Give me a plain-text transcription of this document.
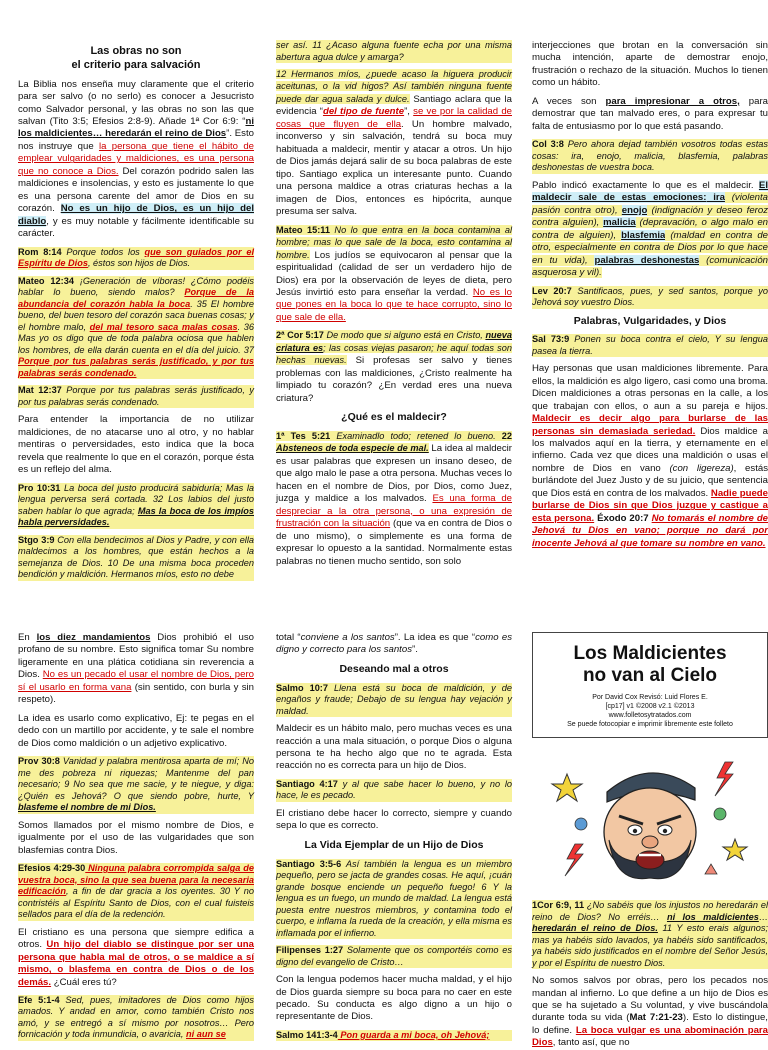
Las obras no son
el criterio para salvación

La Biblia nos enseña muy claramente que el criterio para ser salvo (o no serlo) es conocer a Jesucristo como Salvador personal, y las obras no son las que salvan (Tito 3:5; Efesios 2:8-9). Añade 1ª Cor 6:9: “ni los maldicientes… heredarán el reino de Dios”. Esto nos instruye que la persona que tiene el hábito de emplear vulgaridades y maldiciones, es una persona que no conoce a Dios. Del corazón podrido salen las maldiciones e insolencias, y esto es justamente lo que es una persona carente del amor de Dios en su corazón. No es un hijo de Dios, es un hijo del diablo, y es muy notable y fácilmente identificable su carácter.

Rom 8:14 Porque todos los que son guiados por el Espíritu de Dios, éstos son hijos de Dios.

Mateo 12:34 ¡Generación de víboras! ¿Cómo podéis hablar lo bueno, siendo malos? Porque de la abundancia del corazón habla la boca. 35 El hombre bueno, del buen tesoro del corazón saca buenas cosas; y el hombre malo, del mal tesoro saca malas cosas. 36 Mas yo os digo que de toda palabra ociosa que hablen los hombres, de ella darán cuenta en el día del juicio. 37 Porque por tus palabras serás justificado, y por tus palabras serás condenado.

Mat 12:37 Porque por tus palabras serás justificado, y por tus palabras serás condenado.

Para entender la importancia de no utilizar maldiciones, de no atacarse uno al otro, y no hablar mentiras o perversidades, esto indica que la boca revela que realmente lo que en el corazón, porque ésta es un reflejo del alma.

Pro 10:31 La boca del justo producirá sabiduría; Mas la lengua perversa será cortada. 32 Los labios del justo saben hablar lo que agrada; Mas la boca de los impíos habla perversidades.

Stgo 3:9 Con ella bendecimos al Dios y Padre, y con ella maldecimos a los hombres, que están hechos a la semejanza de Dios. 10 De una misma boca proceden bendición y maldición. Hermanos míos, esto no debe

ser así. 11 ¿Acaso alguna fuente echa por una misma abertura agua dulce y amarga?

12 Hermanos míos, ¿puede acaso la higuera producir aceitunas, o la vid higos? Así también ninguna fuente puede dar agua salada y dulce. Santiago aclara que la evidencia “del tipo de fuente”, se ve por la calidad de cosas que fluyen de ella. Un hombre malvado, inconverso y sin salvación, tendrá su boca muy habituada a maldecir, mentir y atacar a otros. Un hijo de Dios jamás dejará salir de su boca palabras de este tipo. Santiago explica un interesante punto. Cuando una persona maldice a otras criaturas hechas a la imagen de Dios, entonces es hipócrita, aunque presuma ser salva.

Mateo 15:11 No lo que entra en la boca contamina al hombre; mas lo que sale de la boca, esto contamina al hombre. Los judíos se equivocaron al pensar que la espiritualidad (calidad de ser un verdadero hijo de Dios) era por la observación de leyes de dieta, pero Jesús invirtió esto para enseñar la verdad. No es lo que pones en la boca lo que te hace corrupto, sino lo que sale de ella.

2ª Cor 5:17 De modo que si alguno está en Cristo, nueva criatura es; las cosas viejas pasaron; he aquí todas son hechas nuevas. Si profesas ser salvo y tienes problemas con las maldiciones, ¿Cristo realmente ha limpiado tu corazón? ¿En verdad eres una nueva criatura?

¿Qué es el maldecir?

1ª Tes 5:21 Examinadlo todo; retened lo bueno. 22 Absteneos de toda especie de mal. La idea al maldecir es usar palabras que expresen un insano deseo, de que algo malo le pase a otra persona. Muchas veces lo hacen en el nombre de Dios, por Dios, como Juez, juzga y maldice a los malvados. Es una forma de despreciar a la otra persona, o una expresión de frustración con la situación (que va en contra de Dios o de uno mismo), o simplemente es una forma de expresar lo opuesto a la santidad. Normalmente estas palabras no tienen mucho sentido, son solo

interjecciones que brotan en la conversación sin mucha intención, aparte de demostrar enojo, frustración o rechazo de la situación. Muchos lo tienen como un hábito.

A veces son para impresionar a otros, para demostrar que tan malvado eres, o para expresar tu falta de entusiasmo por lo que está pasando.

Col 3:8 Pero ahora dejad también vosotros todas estas cosas: ira, enojo, malicia, blasfemia, palabras deshonestas de vuestra boca.

Pablo indicó exactamente lo que es el maldecir. El maldecir sale de estas emociones: ira (violenta pasión contra otro), enojo (indignación y deseo feroz contra alguien), malicia (depravación, o algo malo en contra de alguien), blasfemia (maldad en contra de otro, especialmente en contra de Dios por lo que hace en tu vida), palabras deshonestas (comunicación asquerosa y vil).

Lev 20:7 Santificaos, pues, y sed santos, porque yo Jehová soy vuestro Dios.

Palabras, Vulgaridades, y Dios

Sal 73:9 Ponen su boca contra el cielo, Y su lengua pasea la tierra.

Hay personas que usan maldiciones libremente. Para ellos, la maldición es algo ligero, casi como una broma. Dicen maldiciones a otras personas en la calle, a los que trabajan con ellos, o aun a su pareja e hijos. Maldecir es decir algo para burlarse de las personas sin demasiada seriedad. Dios maldice a los malvados aquí en la tierra, y eternamente en el infierno. Cada vez que dices una maldición o usas el nombre de Dios en vano (con ligereza), estás burlándote del Juez Justo y de su juicio, que sentencia que Dios está en contra de los malvados. Nadie puede burlarse de Dios sin que Dios juzgue y castigue a esta persona. Éxodo 20:7 No tomarás el nombre de Jehová tu Dios en vano; porque no dará por inocente Jehová al que tomare su nombre en vano.

En los diez mandamientos Dios prohibió el uso profano de su nombre. Esto significa tomar Su nombre ligeramente en una plática cotidiana sin reverencia a Dios. No es un pecado el usar el nombre de Dios, pero sí el usarlo en forma vana (sin sentido, con burla y sin respeto).

La idea es usarlo como explicativo, Ej: te pegas en el dedo con un martillo por accidente, y te sale el nombre de Dios como maldición o un adjetivo explicativo.

Prov 30:8 Vanidad y palabra mentirosa aparta de mí; No me des pobreza ni riquezas; Mantenme del pan necesario; 9 No sea que me sacie, y te niegue, y diga: ¿Quién es Jehová? O que siendo pobre, hurte, Y blasfeme el nombre de mi Dios.

Somos llamados por el mismo nombre de Dios, e igualmente por el uso de las vulgaridades que son blasfemias contra Dios.

Efesios 4:29-30 Ninguna palabra corrompida salga de vuestra boca, sino la que sea buena para la necesaria edificación, a fin de dar gracia a los oyentes. 30 Y no contristéis al Espíritu Santo de Dios, con el cual fuisteis sellados para el día de la redención.

El cristiano es una persona que siempre edifica a otros. Un hijo del diablo se distingue por ser una persona que habla mal de otros, o se maldice a sí mismo, o blasfema en contra de Dios o de los demás. ¿Cuál eres tú?

Efe 5:1-4 Sed, pues, imitadores de Dios como hijos amados. Y andad en amor, como también Cristo nos amó, y se entregó a sí mismo por nosotros… Pero fornicación y toda inmundicia, o avaricia, ni aun se

total “conviene a los santos”. La idea es que “como es digno y correcto para los santos”.

Deseando mal a otros

Salmo 10:7 Llena está su boca de maldición, y de engaños y fraude; Debajo de su lengua hay vejación y maldad.

Maldecir es un hábito malo, pero muchas veces es una reacción a una mala situación, o porque Dios o alguna persona te ha hecho algo que no te agrada. Esta reacción no es correcta para un hijo de Dios.

Santiago 4:17 y al que sabe hacer lo bueno, y no lo hace, le es pecado.

El cristiano debe hacer lo correcto, siempre y cuando sepa lo que es correcto.

La Vida Ejemplar de un Hijo de Dios

Santiago 3:5-6 Así también la lengua es un miembro pequeño, pero se jacta de grandes cosas. He aquí, ¡cuán grande bosque enciende un pequeño fuego! 6 Y la lengua es un fuego, un mundo de maldad. La lengua está puesta entre nuestros miembros, y contamina todo el cuerpo, e inflama la rueda de la creación, y ella misma es inflamada por el infierno.

Filipenses 1:27 Solamente que os comportéis como es digno del evangelio de Cristo…

Con la lengua podemos hacer mucha maldad, y el hijo de Dios guarda siempre su boca para no caer en este pecado. Su conducta es algo digno a un hijo o representante de Dios.

Salmo 141:3-4 Pon guarda a mi boca, oh Jehová;

Los Maldicientes
no van al Cielo
Por David Cox Revisó: Luid Flores E.
[cp17] v1 ©2008 v2.1 ©2013
www.folletosytratados.com
Se puede fotocopiar e imprimir libremente este folleto

1Cor 6:9, 11 ¿No sabéis que los injustos no heredarán el reino de Dios? No erréis… ni los maldicientes… heredarán el reino de Dios. 11 Y esto erais algunos; mas ya habéis sido lavados, ya habéis sido santificados, ya habéis sido justificados en el nombre del Señor Jesús, y por el Espíritu de nuestro Dios.

No somos salvos por obras, pero los pecados nos mandan al infierno. Lo que define a un hijo de Dios es que se ha sujetado a Su voluntad, y vive buscándola durante toda su vida (Mat 7:21-23). Esto lo distingue, lo define. La boca vulgar es una abominación para Dios, tanto así, que no
